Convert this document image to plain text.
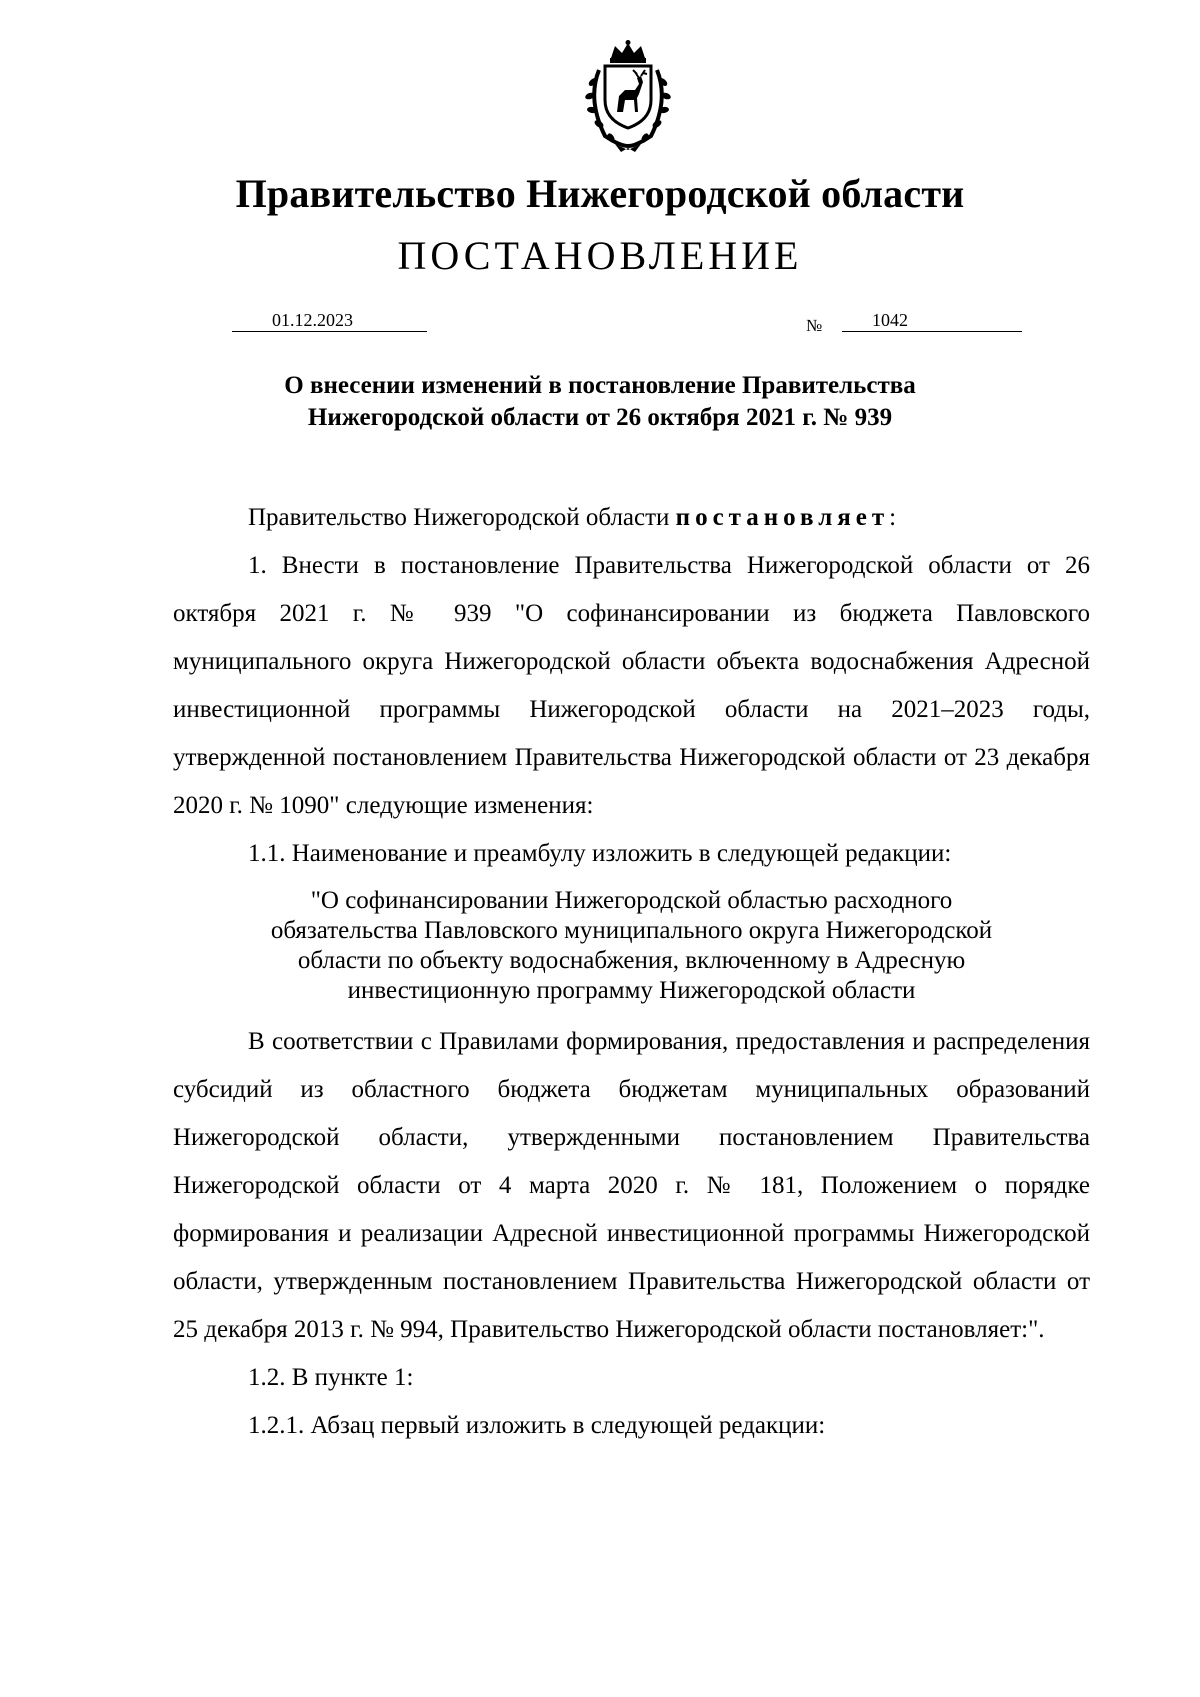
Правительство Нижегородской области
ПОСТАНОВЛЕНИЕ
01.12.2023	№	1042
О внесении изменений в постановление Правительства
Нижегородской области от 26 октября 2021 г. № 939

Правительство Нижегородской области постановляет:

1. Внести в постановление Правительства Нижегородской области от 26 октября 2021 г. № 939 "О софинансировании из бюджета Павловского муниципального округа Нижегородской области объекта водоснабжения Адресной инвестиционной программы Нижегородской области на 2021–2023 годы, утвержденной постановлением Правительства Нижегородской области от 23 декабря 2020 г. № 1090" следующие изменения:

1.1. Наименование и преамбулу изложить в следующей редакции:

"О софинансировании Нижегородской областью расходного
обязательства Павловского муниципального округа Нижегородской
области по объекту водоснабжения, включенному в Адресную
инвестиционную программу Нижегородской области

В соответствии с Правилами формирования, предоставления и распределения субсидий из областного бюджета бюджетам муниципальных образований Нижегородской области, утвержденными постановлением Правительства Нижегородской области от 4 марта 2020 г. № 181, Положением о порядке формирования и реализации Адресной инвестиционной программы Нижегородской области, утвержденным постановлением Правительства Нижегородской области от 25 декабря 2013 г. № 994, Правительство Нижегородской области постановляет:".

1.2. В пункте 1:

1.2.1. Абзац первый изложить в следующей редакции:
